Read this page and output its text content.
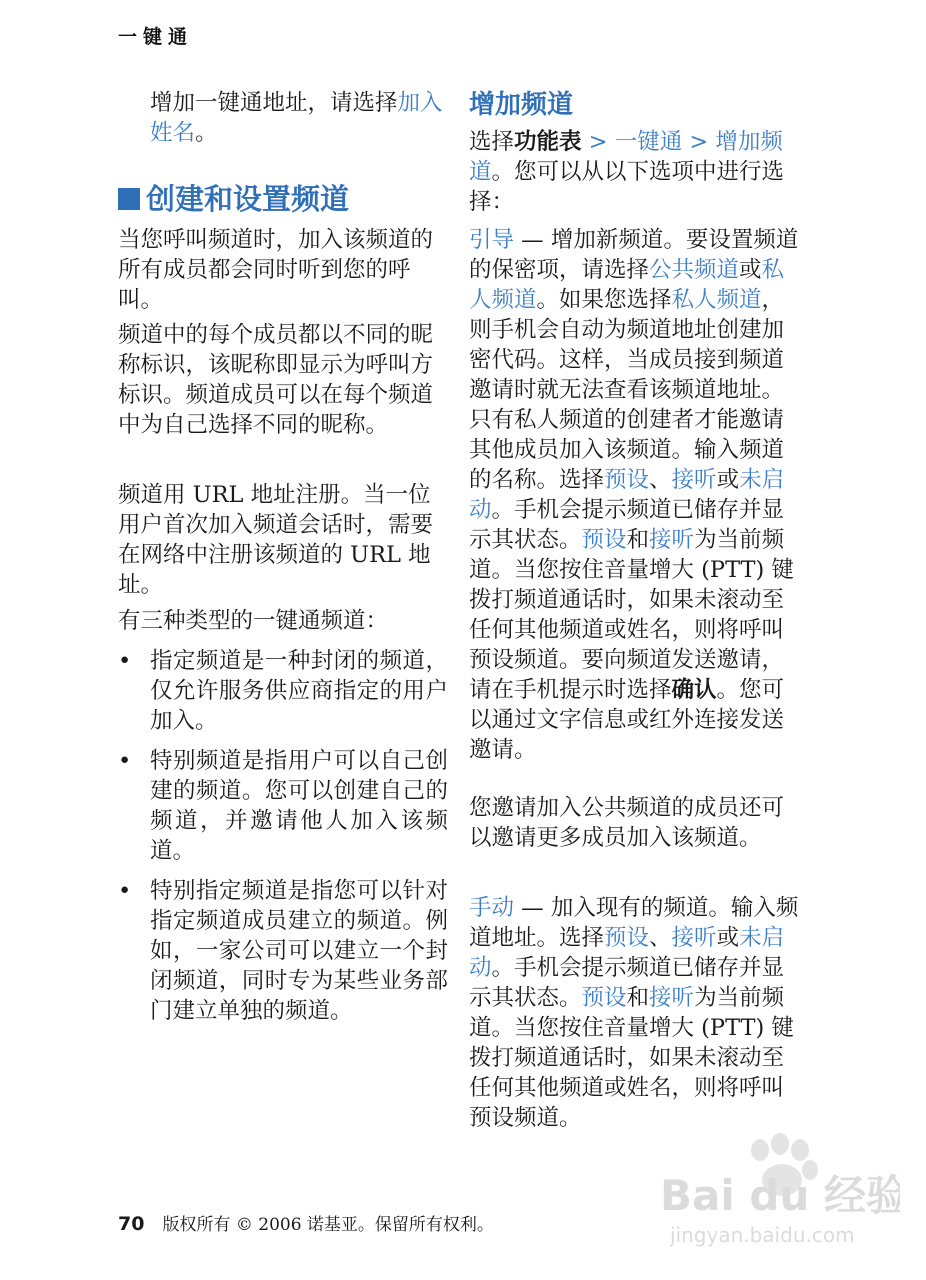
一键通

增加一键通地址，请选择加入姓名。

创建和设置频道

当您呼叫频道时，加入该频道的所有成员都会同时听到您的呼叫。

频道中的每个成员都以不同的昵称标识，该昵称即显示为呼叫方标识。频道成员可以在每个频道中为自己选择不同的昵称。

频道用 URL 地址注册。当一位用户首次加入频道会话时，需要在网络中注册该频道的 URL 地址。

有三种类型的一键通频道：

• 指定频道是一种封闭的频道，仅允许服务供应商指定的用户加入。
• 特别频道是指用户可以自己创建的频道。您可以创建自己的频道，并邀请他人加入该频道。
• 特别指定频道是指您可以针对指定频道成员建立的频道。例如，一家公司可以建立一个封闭频道，同时专为某些业务部门建立单独的频道。
增加频道

选择功能表 > 一键通 > 增加频道。您可以从以下选项中进行选择：

引导 — 增加新频道。要设置频道的保密项，请选择公共频道或私人频道。如果您选择私人频道，则手机会自动为频道地址创建加密代码。这样，当成员接到频道邀请时就无法查看该频道地址。只有私人频道的创建者才能邀请其他成员加入该频道。输入频道的名称。选择预设、接听或未启动。手机会提示频道已储存并显示其状态。预设和接听为当前频道。当您按住音量增大 (PTT) 键拨打频道通话时，如果未滚动至任何其他频道或姓名，则将呼叫预设频道。要向频道发送邀请，请在手机提示时选择确认。您可以通过文字信息或红外连接发送邀请。

您邀请加入公共频道的成员还可以邀请更多成员加入该频道。

手动 — 加入现有的频道。输入频道地址。选择预设、接听或未启动。手机会提示频道已储存并显示其状态。预设和接听为当前频道。当您按住音量增大 (PTT) 键拨打频道通话时，如果未滚动至任何其他频道或姓名，则将呼叫预设频道。

70 版权所有 © 2006 诺基亚。保留所有权利。
Bai du 经验
jingyan.baidu.com
